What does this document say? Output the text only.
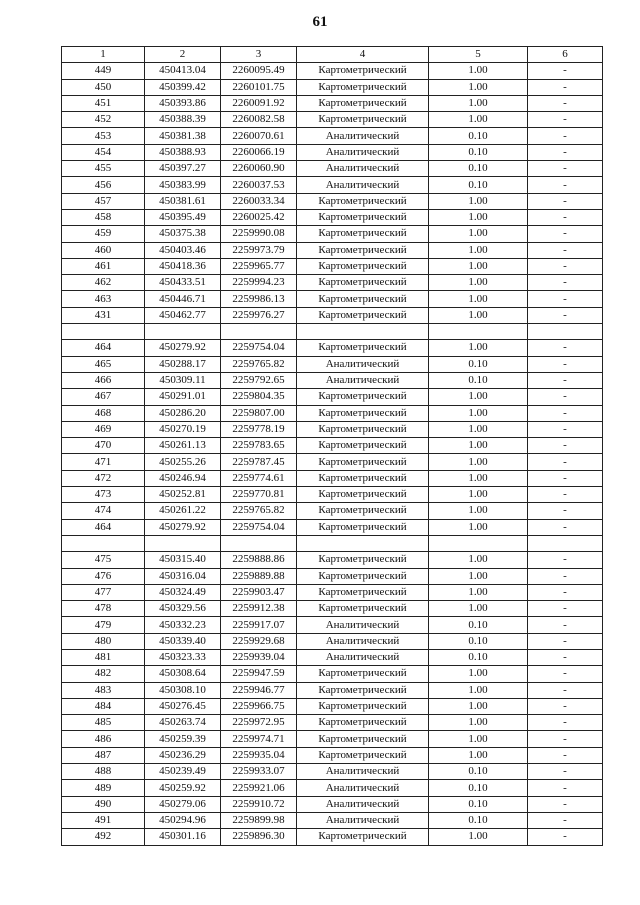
61
1	2	3	4	5	6
449	450413.04	2260095.49	Картометрический	1.00	-
450	450399.42	2260101.75	Картометрический	1.00	-
451	450393.86	2260091.92	Картометрический	1.00	-
452	450388.39	2260082.58	Картометрический	1.00	-
453	450381.38	2260070.61	Аналитический	0.10	-
454	450388.93	2260066.19	Аналитический	0.10	-
455	450397.27	2260060.90	Аналитический	0.10	-
456	450383.99	2260037.53	Аналитический	0.10	-
457	450381.61	2260033.34	Картометрический	1.00	-
458	450395.49	2260025.42	Картометрический	1.00	-
459	450375.38	2259990.08	Картометрический	1.00	-
460	450403.46	2259973.79	Картометрический	1.00	-
461	450418.36	2259965.77	Картометрический	1.00	-
462	450433.51	2259994.23	Картометрический	1.00	-
463	450446.71	2259986.13	Картометрический	1.00	-
431	450462.77	2259976.27	Картометрический	1.00	-

464	450279.92	2259754.04	Картометрический	1.00	-
465	450288.17	2259765.82	Аналитический	0.10	-
466	450309.11	2259792.65	Аналитический	0.10	-
467	450291.01	2259804.35	Картометрический	1.00	-
468	450286.20	2259807.00	Картометрический	1.00	-
469	450270.19	2259778.19	Картометрический	1.00	-
470	450261.13	2259783.65	Картометрический	1.00	-
471	450255.26	2259787.45	Картометрический	1.00	-
472	450246.94	2259774.61	Картометрический	1.00	-
473	450252.81	2259770.81	Картометрический	1.00	-
474	450261.22	2259765.82	Картометрический	1.00	-
464	450279.92	2259754.04	Картометрический	1.00	-

475	450315.40	2259888.86	Картометрический	1.00	-
476	450316.04	2259889.88	Картометрический	1.00	-
477	450324.49	2259903.47	Картометрический	1.00	-
478	450329.56	2259912.38	Картометрический	1.00	-
479	450332.23	2259917.07	Аналитический	0.10	-
480	450339.40	2259929.68	Аналитический	0.10	-
481	450323.33	2259939.04	Аналитический	0.10	-
482	450308.64	2259947.59	Картометрический	1.00	-
483	450308.10	2259946.77	Картометрический	1.00	-
484	450276.45	2259966.75	Картометрический	1.00	-
485	450263.74	2259972.95	Картометрический	1.00	-
486	450259.39	2259974.71	Картометрический	1.00	-
487	450236.29	2259935.04	Картометрический	1.00	-
488	450239.49	2259933.07	Аналитический	0.10	-
489	450259.92	2259921.06	Аналитический	0.10	-
490	450279.06	2259910.72	Аналитический	0.10	-
491	450294.96	2259899.98	Аналитический	0.10	-
492	450301.16	2259896.30	Картометрический	1.00	-
